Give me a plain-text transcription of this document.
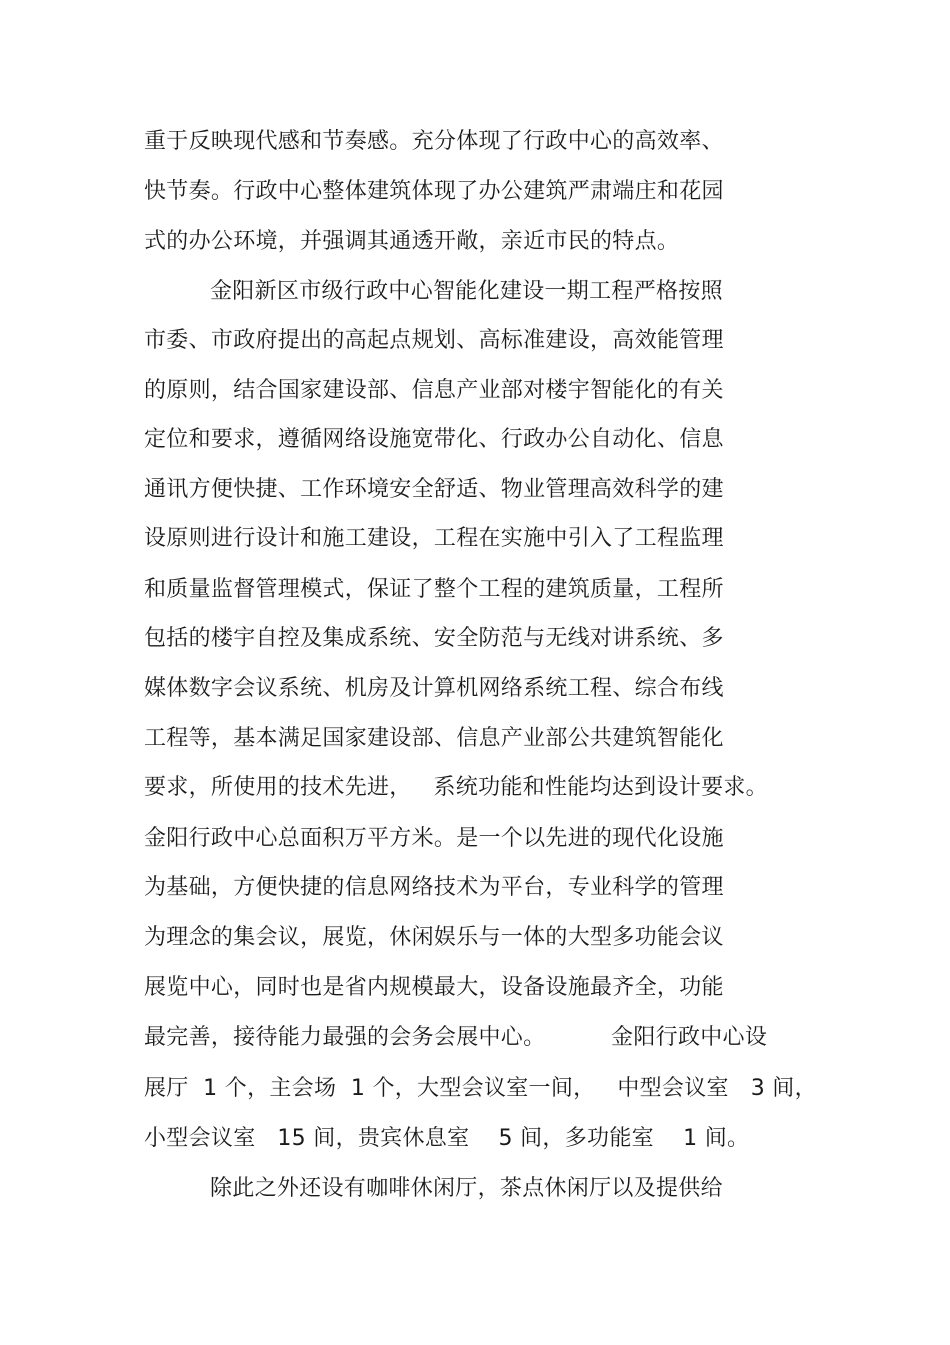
重于反映现代感和节奏感。充分体现了行政中心的高效率、
快节奏。行政中心整体建筑体现了办公建筑严肃端庄和花园
式的办公环境，并强调其通透开敞，亲近市民的特点。
金阳新区市级行政中心智能化建设一期工程严格按照
市委、市政府提出的高起点规划、高标准建设，高效能管理
的原则，结合国家建设部、信息产业部对楼宇智能化的有关
定位和要求，遵循网络设施宽带化、行政办公自动化、信息
通讯方便快捷、工作环境安全舒适、物业管理高效科学的建
设原则进行设计和施工建设，工程在实施中引入了工程监理
和质量监督管理模式，保证了整个工程的建筑质量，工程所
包括的楼宇自控及集成系统、安全防范与无线对讲系统、多
媒体数字会议系统、机房及计算机网络系统工程、综合布线
工程等，基本满足国家建设部、信息产业部公共建筑智能化
要求，所使用的技术先进，   系统功能和性能均达到设计要求。
金阳行政中心总面积万平方米。是一个以先进的现代化设施
为基础，方便快捷的信息网络技术为平台，专业科学的管理
为理念的集会议，展览，休闲娱乐与一体的大型多功能会议
展览中心，同时也是省内规模最大，设备设施最齐全，功能
最完善，接待能力最强的会务会展中心。         金阳行政中心设
展厅  1 个，主会场  1 个，大型会议室一间，   中型会议室   3 间，
小型会议室   15 间，贵宾休息室    5 间，多功能室    1 间。
除此之外还设有咖啡休闲厅，茶点休闲厅以及提供给
